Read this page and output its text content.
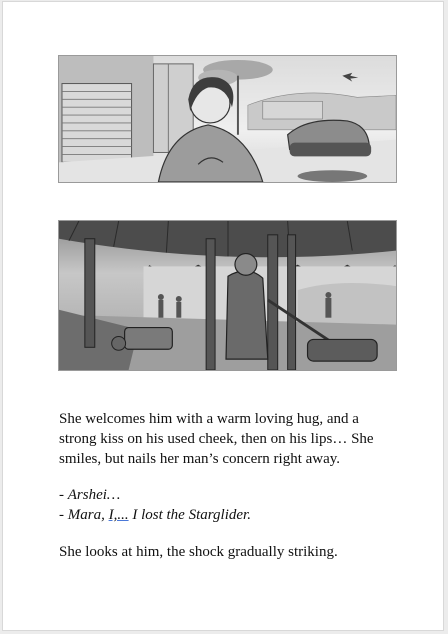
She welcomes him with a warm loving hug, and a strong kiss on his used cheek, then on his lips… She smiles, but nails her man’s concern right away.
- Arshei…
- Mara, I,... I lost the Starglider.
She looks at him, the shock gradually striking.
